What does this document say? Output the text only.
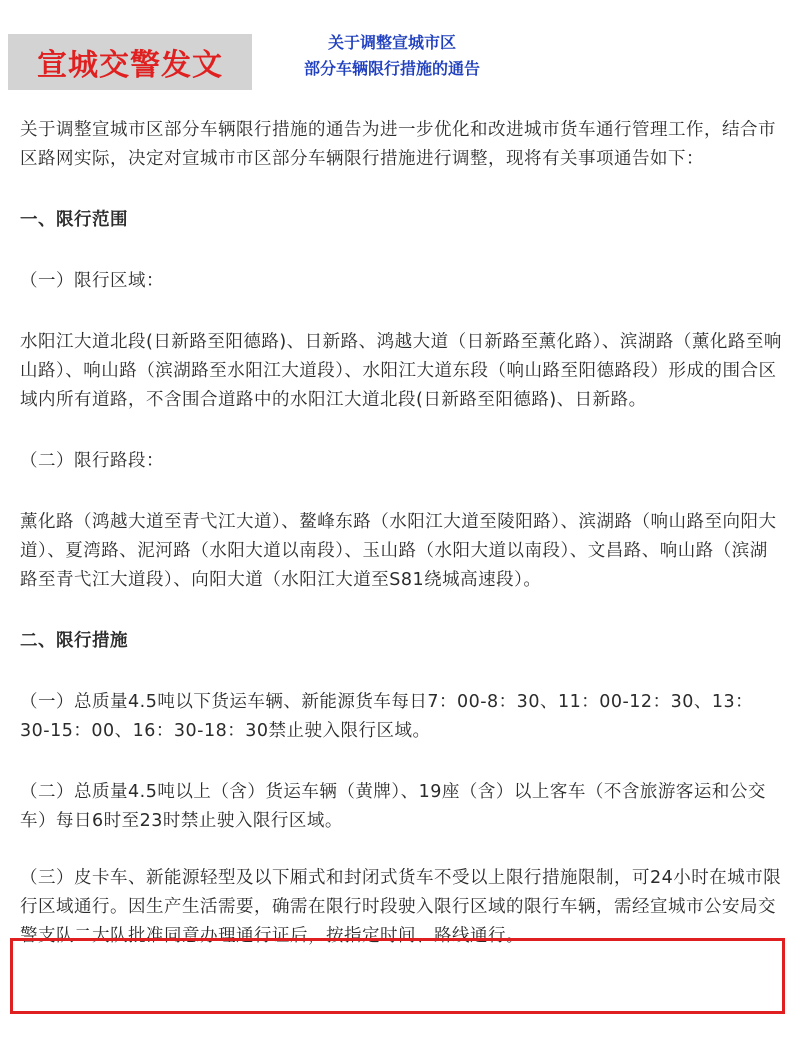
宣城交警发文
关于调整宣城市区
部分车辆限行措施的通告

关于调整宣城市区部分车辆限行措施的通告为进一步优化和改进城市货车通行管理工作，结合市区路网实际，决定对宣城市市区部分车辆限行措施进行调整，现将有关事项通告如下：

一、限行范围

（一）限行区域：

水阳江大道北段(日新路至阳德路)、日新路、鸿越大道（日新路至薰化路）、滨湖路（薰化路至响山路）、响山路（滨湖路至水阳江大道段）、水阳江大道东段（响山路至阳德路段）形成的围合区域内所有道路，不含围合道路中的水阳江大道北段(日新路至阳德路)、日新路。

（二）限行路段：

薰化路（鸿越大道至青弋江大道）、鳌峰东路（水阳江大道至陵阳路）、滨湖路（响山路至向阳大道）、夏湾路、泥河路（水阳大道以南段）、玉山路（水阳大道以南段）、文昌路、响山路（滨湖路至青弋江大道段）、向阳大道（水阳江大道至S81绕城高速段）。

二、限行措施

（一）总质量4.5吨以下货运车辆、新能源货车每日7：00-8：30、11：00-12：30、13：30-15：00、16：30-18：30禁止驶入限行区域。

（二）总质量4.5吨以上（含）货运车辆（黄牌）、19座（含）以上客车（不含旅游客运和公交车）每日6时至23时禁止驶入限行区域。

（三）皮卡车、新能源轻型及以下厢式和封闭式货车不受以上限行措施限制，可24小时在城市限行区域通行。因生产生活需要，确需在限行时段驶入限行区域的限行车辆，需经宣城市公安局交警支队二大队批准同意办理通行证后，按指定时间、路线通行。
